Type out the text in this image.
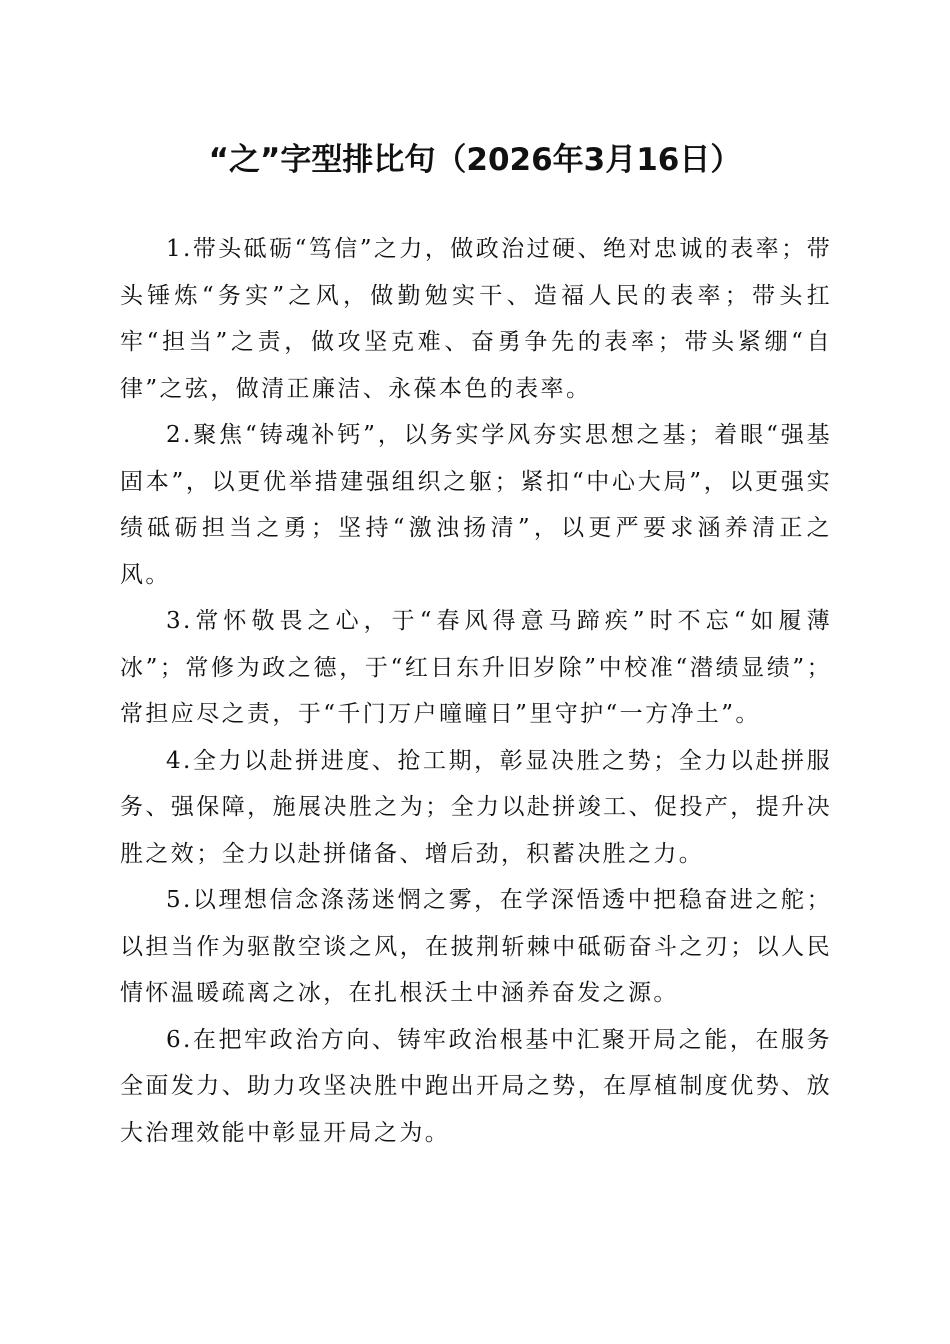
“之”字型排比句（2026年3月16日）

1.带头砥砺“笃信”之力，做政治过硬、绝对忠诚的表率；带头锤炼“务实”之风，做勤勉实干、造福人民的表率；带头扛牢“担当”之责，做攻坚克难、奋勇争先的表率；带头紧绷“自律”之弦，做清正廉洁、永葆本色的表率。

2.聚焦“铸魂补钙”，以务实学风夯实思想之基；着眼“强基固本”，以更优举措建强组织之躯；紧扣“中心大局”，以更强实绩砥砺担当之勇；坚持“激浊扬清”，以更严要求涵养清正之风。

3.常怀敬畏之心，于“春风得意马蹄疾”时不忘“如履薄冰”；常修为政之德，于“红日东升旧岁除”中校准“潜绩显绩”；常担应尽之责，于“千门万户曈曈日”里守护“一方净土”。

4.全力以赴拼进度、抢工期，彰显决胜之势；全力以赴拼服务、强保障，施展决胜之为；全力以赴拼竣工、促投产，提升决胜之效；全力以赴拼储备、增后劲，积蓄决胜之力。

5.以理想信念涤荡迷惘之雾，在学深悟透中把稳奋进之舵；以担当作为驱散空谈之风，在披荆斩棘中砥砺奋斗之刃；以人民情怀温暖疏离之冰，在扎根沃土中涵养奋发之源。

6.在把牢政治方向、铸牢政治根基中汇聚开局之能，在服务全面发力、助力攻坚决胜中跑出开局之势，在厚植制度优势、放大治理效能中彰显开局之为。
